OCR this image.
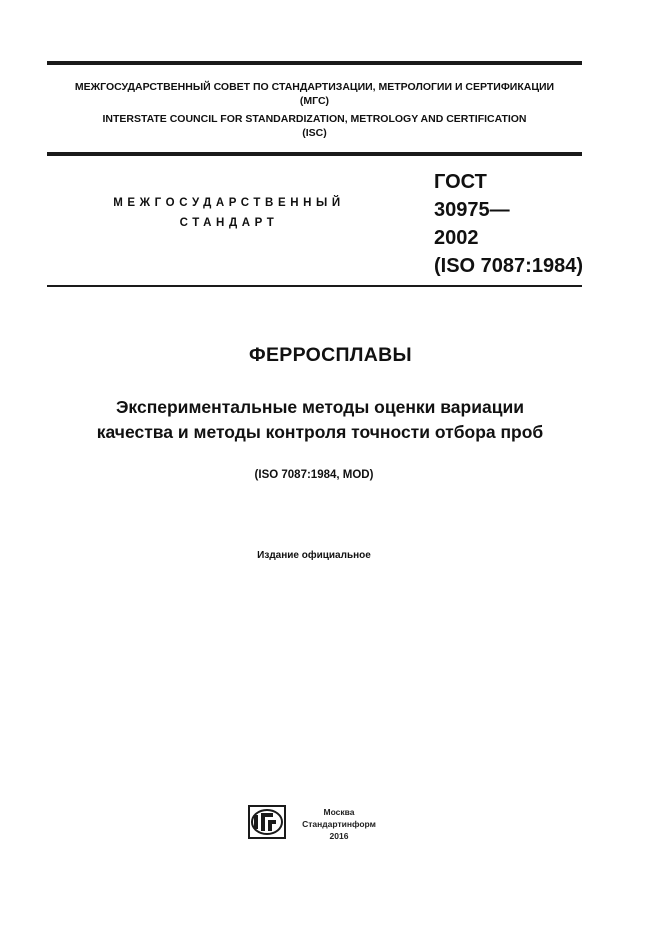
МЕЖГОСУДАРСТВЕННЫЙ СОВЕТ ПО СТАНДАРТИЗАЦИИ, МЕТРОЛОГИИ И СЕРТИФИКАЦИИ
(МГС)
INTERSTATE COUNCIL FOR STANDARDIZATION, METROLOGY AND CERTIFICATION
(ISC)
МЕЖГОСУДАРСТВЕННЫЙ
СТАНДАРТ
ГОСТ
30975—
2002
(ISO 7087:1984)
ФЕРРОСПЛАВЫ
Экспериментальные методы оценки вариации
качества и методы контроля точности отбора проб
(ISO 7087:1984, MOD)
Издание официальное
Москва
Стандартинформ
2016
